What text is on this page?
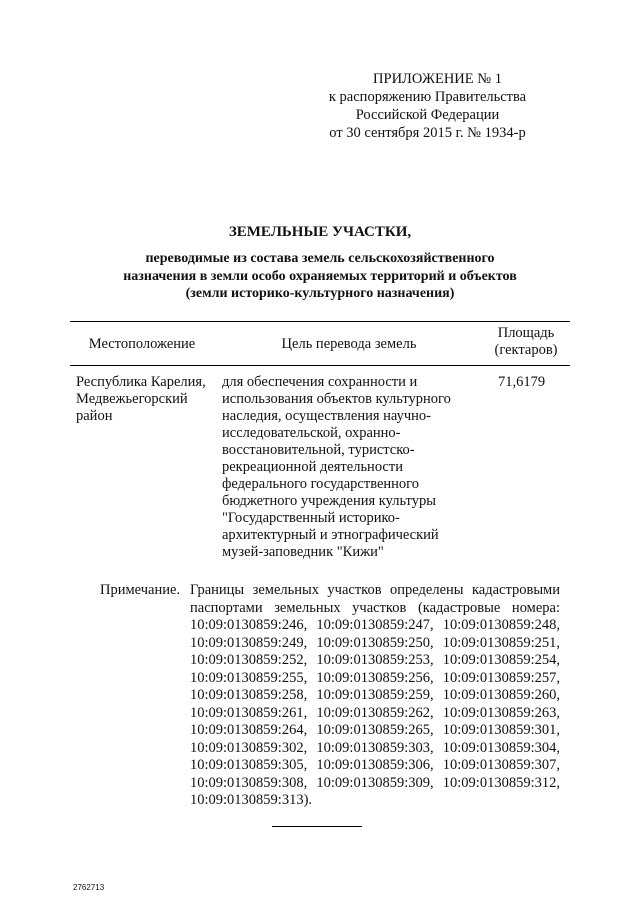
ПРИЛОЖЕНИЕ № 1
к распоряжению Правительства
Российской Федерации
от 30 сентября 2015 г. № 1934-р
ЗЕМЕЛЬНЫЕ УЧАСТКИ,
переводимые из состава земель сельскохозяйственного
назначения в земли особо охраняемых территорий и объектов
(земли историко-культурного назначения)
Местоположение	Цель перевода земель
Площадь
(гектаров)
Республика Карелия,
Медвежьегорский
район
для обеспечения сохранности и
использования объектов культурного
наследия, осуществления научно-
исследовательской, охранно-
восстановительной, туристско-
рекреационной деятельности
федерального государственного
бюджетного учреждения культуры
"Государственный историко-
архитектурный и этнографический
музей-заповедник "Кижи"
71,6179
Примечание. Границы земельных участков определены кадастровыми паспортами земельных участков (кадастровые номера: 10:09:0130859:246, 10:09:0130859:247, 10:09:0130859:248, 10:09:0130859:249, 10:09:0130859:250, 10:09:0130859:251, 10:09:0130859:252, 10:09:0130859:253, 10:09:0130859:254, 10:09:0130859:255, 10:09:0130859:256, 10:09:0130859:257, 10:09:0130859:258, 10:09:0130859:259, 10:09:0130859:260, 10:09:0130859:261, 10:09:0130859:262, 10:09:0130859:263, 10:09:0130859:264, 10:09:0130859:265, 10:09:0130859:301, 10:09:0130859:302, 10:09:0130859:303, 10:09:0130859:304, 10:09:0130859:305, 10:09:0130859:306, 10:09:0130859:307, 10:09:0130859:308, 10:09:0130859:309, 10:09:0130859:312, 10:09:0130859:313).
2762713
